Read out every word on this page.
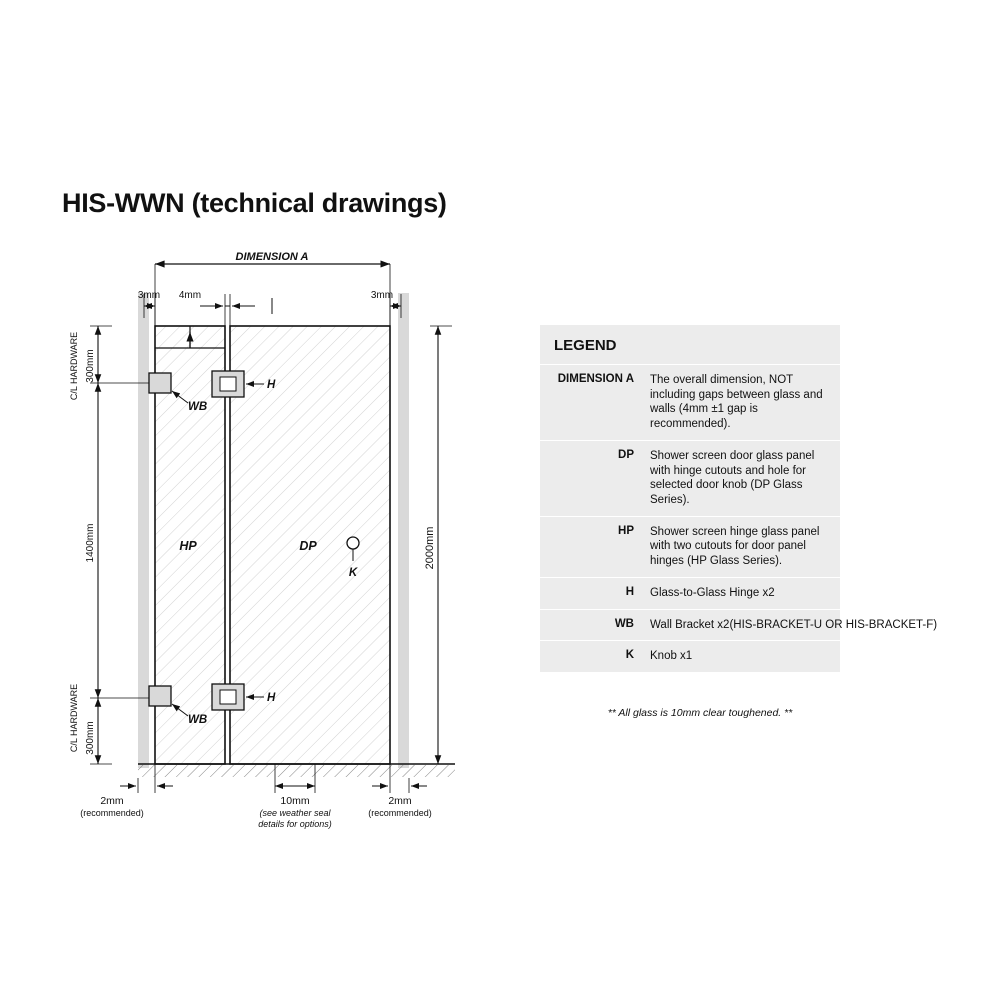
HIS-WWN (technical drawings)
DIMENSION A
3mm 4mm	3mm
300mm
C/L HARDWARE
1400mm
300mm
C/L HARDWARE
2000mm
WB
H
WB
H
K
HP	DP
2mm
(recommended)
10mm
(see weather seal
details for options)
2mm
(recommended)
LEGEND
DIMENSION A	The overall dimension, NOT including gaps between glass and walls (4mm ±1 gap is recommended).
DP	Shower screen door glass panel with hinge cutouts and hole for selected door knob (DP Glass Series).
HP	Shower screen hinge glass panel with two cutouts for door panel hinges (HP Glass Series).
H	Glass-to-Glass Hinge x2
WB	Wall Bracket x2(HIS-BRACKET-U OR HIS-BRACKET-F)
K	Knob x1
** All glass is 10mm clear toughened. **
